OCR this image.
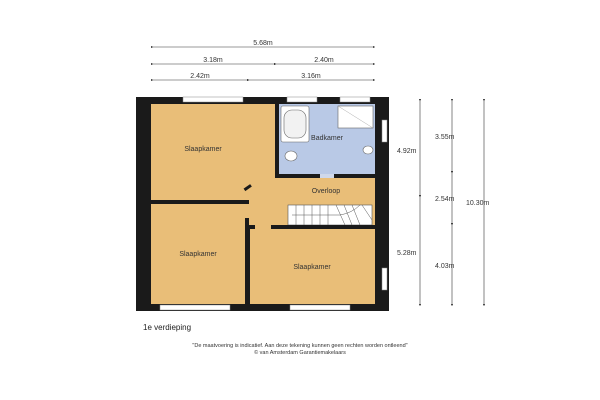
Slaapkamer
Badkamer
Overloop
Slaapkamer
Slaapkamer
5.68m
3.18m	2.40m
2.42m	3.16m
4.92m
5.28m
3.55m
2.54m
4.03m
10.30m
1e verdieping
"De maatvoering is indicatief. Aan deze tekening kunnen geen rechten worden ontleend"
© van Amsterdam Garantiemakelaars
